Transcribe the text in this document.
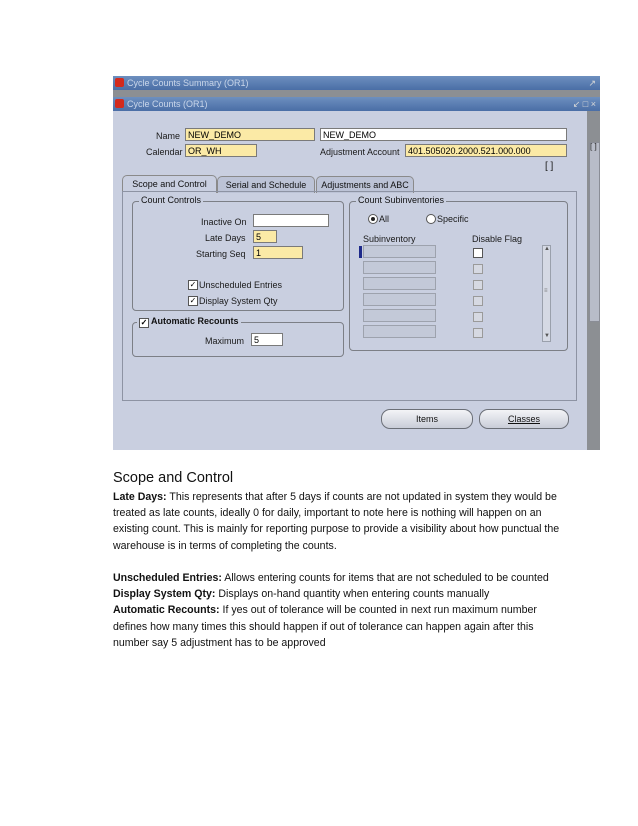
Cycle Counts Summary (OR1)	↗
Cycle Counts (OR1)	↙ □ ×
[ ]
Name NEW_DEMO	NEW_DEMO
Calendar OR_WH	Adjustment Account 401.505020.2000.521.000.000
[ ]
Scope and Control	Serial and Schedule	Adjustments and ABC
Count Controls
Inactive On
Late Days	5
Starting Seq	1
✓ Unscheduled Entries
✓ Display System Qty
✓ Automatic Recounts
Maximum	5
Count Subinventories
All	Specific
Subinventory	Disable Flag
▲
≡
▼
Items	Classes
Scope and Control

Late Days: This represents that after 5 days if counts are not updated in system they would be

treated as late counts, ideally 0 for daily, important to note here is nothing will happen on an

existing count. This is mainly for reporting purpose to provide a visibility about how punctual the

warehouse is in terms of completing the counts.

Unscheduled Entries: Allows entering counts for items that are not scheduled to be counted

Display System Qty: Displays on-hand quantity when entering counts manually

Automatic Recounts: If yes out of tolerance will be counted in next run maximum number

defines how many times this should happen if out of tolerance can happen again after this

number say 5 adjustment has to be approved
